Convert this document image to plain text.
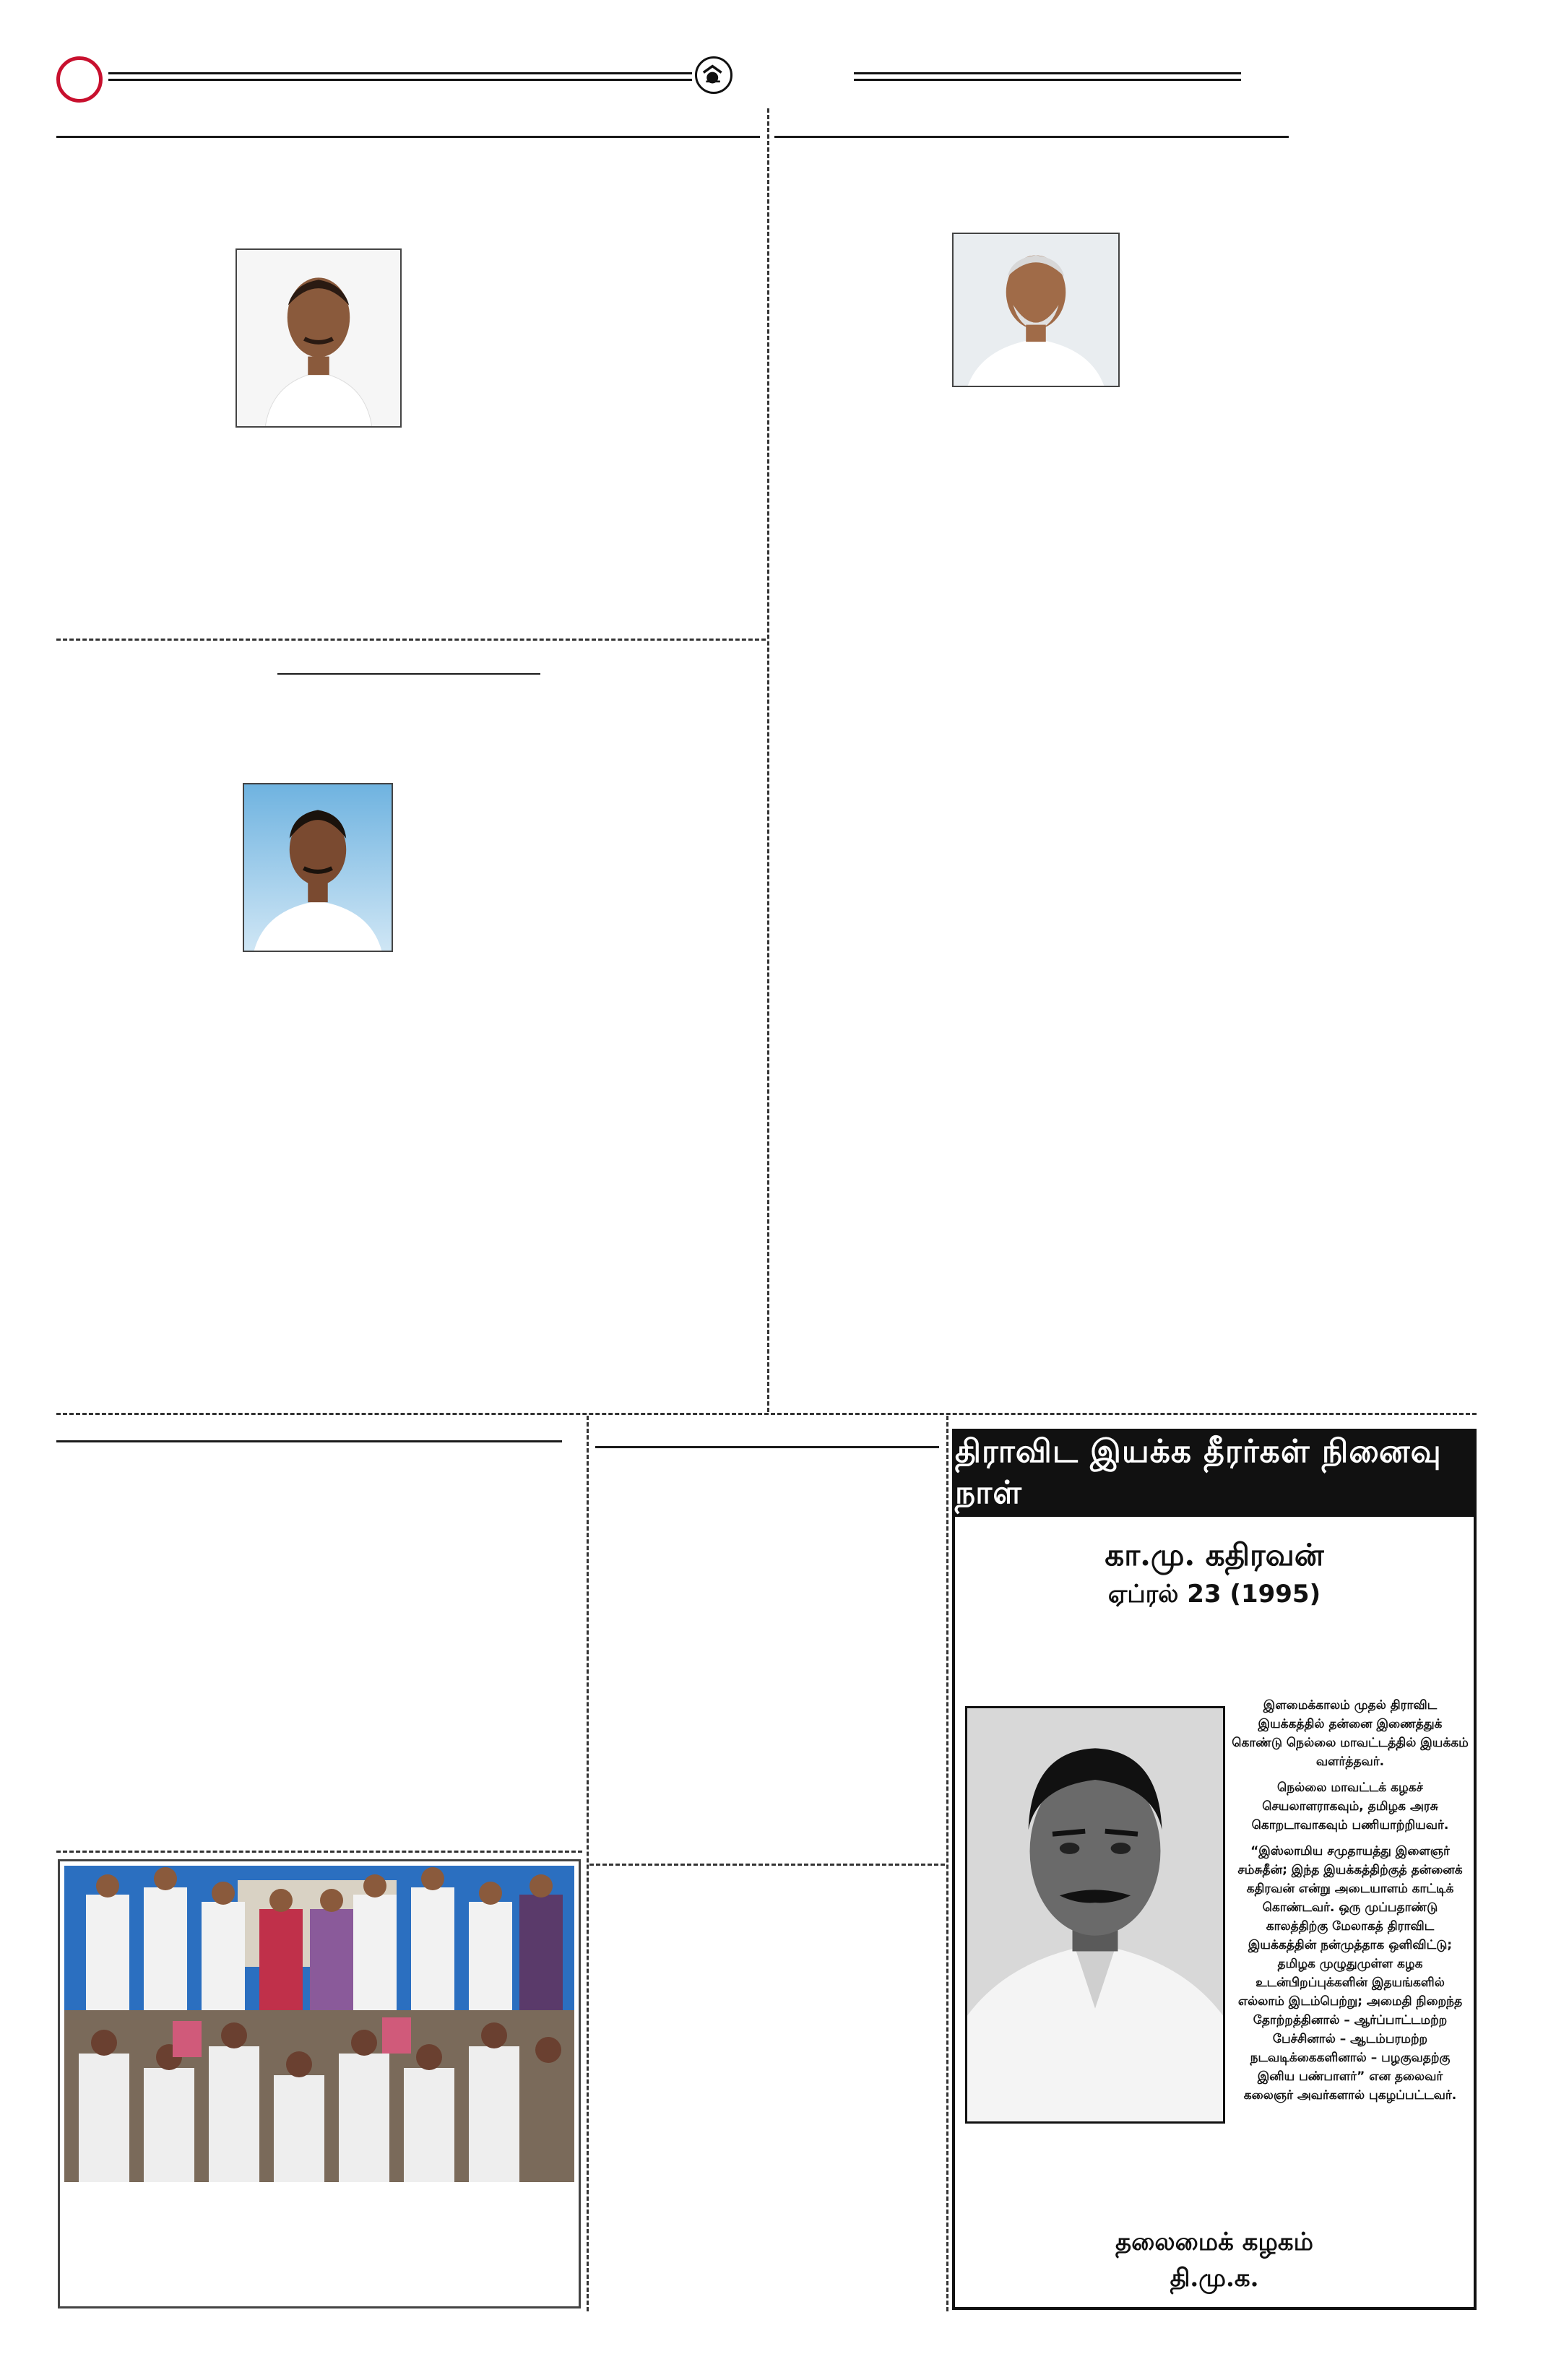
திராவிட இயக்க தீரர்கள் நினைவு நாள்
கா.மு. கதிரவன்
ஏப்ரல் 23 (1995)

இளமைக்காலம் முதல் திராவிட இயக்கத்தில் தன்னை இணைத்துக் கொண்டு நெல்லை மாவட்டத்தில் இயக்கம் வளர்த்தவர்.

நெல்லை மாவட்டக் கழகச் செயலாளராகவும், தமிழக அரசு கொறடாவாகவும் பணியாற்றியவர்.

“இஸ்லாமிய சமுதாயத்து இளைஞர் சம்சுதீன்; இந்த இயக்கத்திற்குத் தன்னைக் கதிரவன் என்று அடையாளம் காட்டிக் கொண்டவர். ஒரு முப்பதாண்டு காலத்திற்கு மேலாகத் திராவிட இயக்கத்தின் நன்முத்தாக ஒளிவிட்டு; தமிழக முழுதுமுள்ள கழக உடன்பிறப்புக்களின் இதயங்களில் எல்லாம் இடம்பெற்று; அமைதி நிறைந்த தோற்றத்தினால் – ஆர்ப்பாட்டமற்ற பேச்சினால் – ஆடம்பரமற்ற நடவடிக்கைகளினால் – பழகுவதற்கு இனிய பண்பாளர்” என தலைவர் கலைஞர் அவர்களால் புகழப்பட்டவர்.

தலைமைக் கழகம்
தி.மு.க.
